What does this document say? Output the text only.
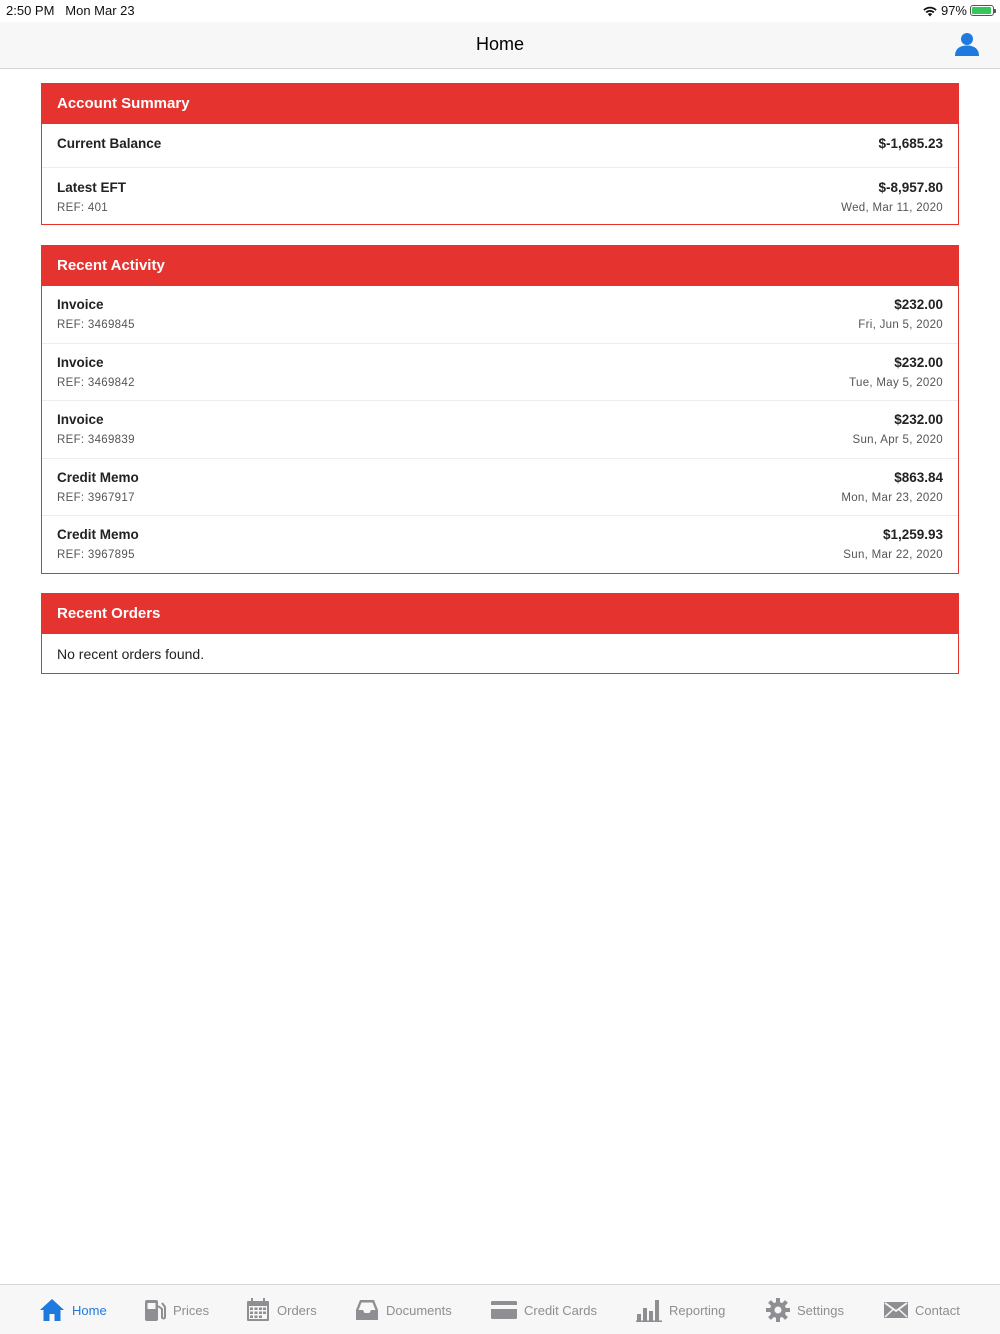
2:50 PM Mon Mar 23	97%
Home
Account Summary
Current Balance	$-1,685.23
Latest EFT	$-8,957.80
REF: 401	Wed, Mar 11, 2020
Recent Activity
Invoice	$232.00
REF: 3469845	Fri, Jun 5, 2020
Invoice	$232.00
REF: 3469842	Tue, May 5, 2020
Invoice	$232.00
REF: 3469839	Sun, Apr 5, 2020
Credit Memo	$863.84
REF: 3967917	Mon, Mar 23, 2020
Credit Memo	$1,259.93
REF: 3967895	Sun, Mar 22, 2020
Recent Orders
No recent orders found.
Home	Prices	Orders	Documents	Credit Cards	Reporting	Settings	Contact
